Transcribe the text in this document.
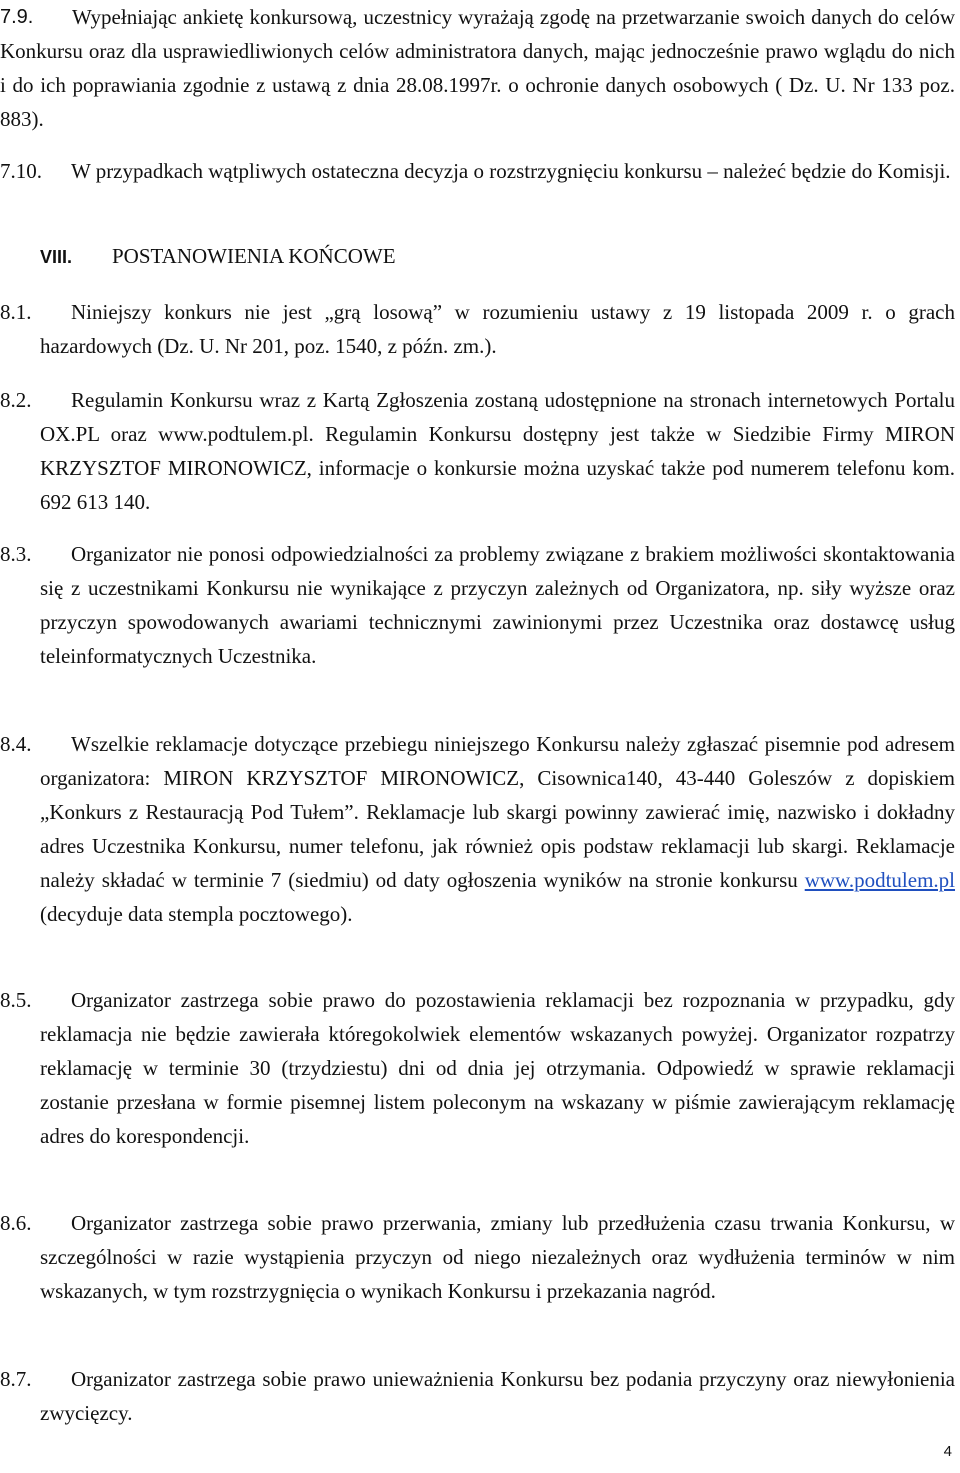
7.9.	Wypełniając ankietę konkursową, uczestnicy wyrażają zgodę na przetwarzanie swoich danych do celów Konkursu oraz dla usprawiedliwionych celów administratora danych, mając jednocześnie prawo wglądu do nich i do ich poprawiania zgodnie z ustawą z dnia 28.08.1997r. o ochronie danych osobowych ( Dz. U. Nr 133 poz. 883).
7.10.	W przypadkach wątpliwych ostateczna decyzja o rozstrzygnięciu konkursu – należeć będzie do Komisji.
VIII. POSTANOWIENIA KOŃCOWE
8.1.	Niniejszy konkurs nie jest „grą losową” w rozumieniu ustawy z 19 listopada 2009 r. o grach hazardowych (Dz. U. Nr 201, poz. 1540, z późn. zm.).
8.2.	Regulamin Konkursu wraz z Kartą Zgłoszenia zostaną udostępnione na stronach internetowych Portalu OX.PL oraz www.podtulem.pl. Regulamin Konkursu dostępny jest także w Siedzibie Firmy MIRON KRZYSZTOF MIRONOWICZ, informacje o konkursie można uzyskać także pod numerem telefonu kom. 692 613 140.
8.3.	Organizator nie ponosi odpowiedzialności za problemy związane z brakiem możliwości skontaktowania się z uczestnikami Konkursu nie wynikające z przyczyn zależnych od Organizatora, np. siły wyższe oraz przyczyn spowodowanych awariami technicznymi zawinionymi przez Uczestnika oraz dostawcę usług teleinformatycznych Uczestnika.
8.4.	Wszelkie reklamacje dotyczące przebiegu niniejszego Konkursu należy zgłaszać pisemnie pod adresem organizatora: MIRON KRZYSZTOF MIRONOWICZ, Cisownica140, 43-440 Goleszów z dopiskiem „Konkurs z Restauracją Pod Tułem”. Reklamacje lub skargi powinny zawierać imię, nazwisko i dokładny adres Uczestnika Konkursu, numer telefonu, jak również opis podstaw reklamacji lub skargi. Reklamacje należy składać w terminie 7 (siedmiu) od daty ogłoszenia wyników na stronie konkursu www.podtulem.pl (decyduje data stempla pocztowego).
8.5.	Organizator zastrzega sobie prawo do pozostawienia reklamacji bez rozpoznania w przypadku, gdy reklamacja nie będzie zawierała któregokolwiek elementów wskazanych powyżej. Organizator rozpatrzy reklamację w terminie 30 (trzydziestu) dni od dnia jej otrzymania. Odpowiedź w sprawie reklamacji zostanie przesłana w formie pisemnej listem poleconym na wskazany w piśmie zawierającym reklamację adres do korespondencji.
8.6.	Organizator zastrzega sobie prawo przerwania, zmiany lub przedłużenia czasu trwania Konkursu, w szczególności w razie wystąpienia przyczyn od niego niezależnych oraz wydłużenia terminów w nim wskazanych, w tym rozstrzygnięcia o wynikach Konkursu i przekazania nagród.
8.7.	Organizator zastrzega sobie prawo unieważnienia Konkursu bez podania przyczyny oraz niewyłonienia zwycięzcy.
4
